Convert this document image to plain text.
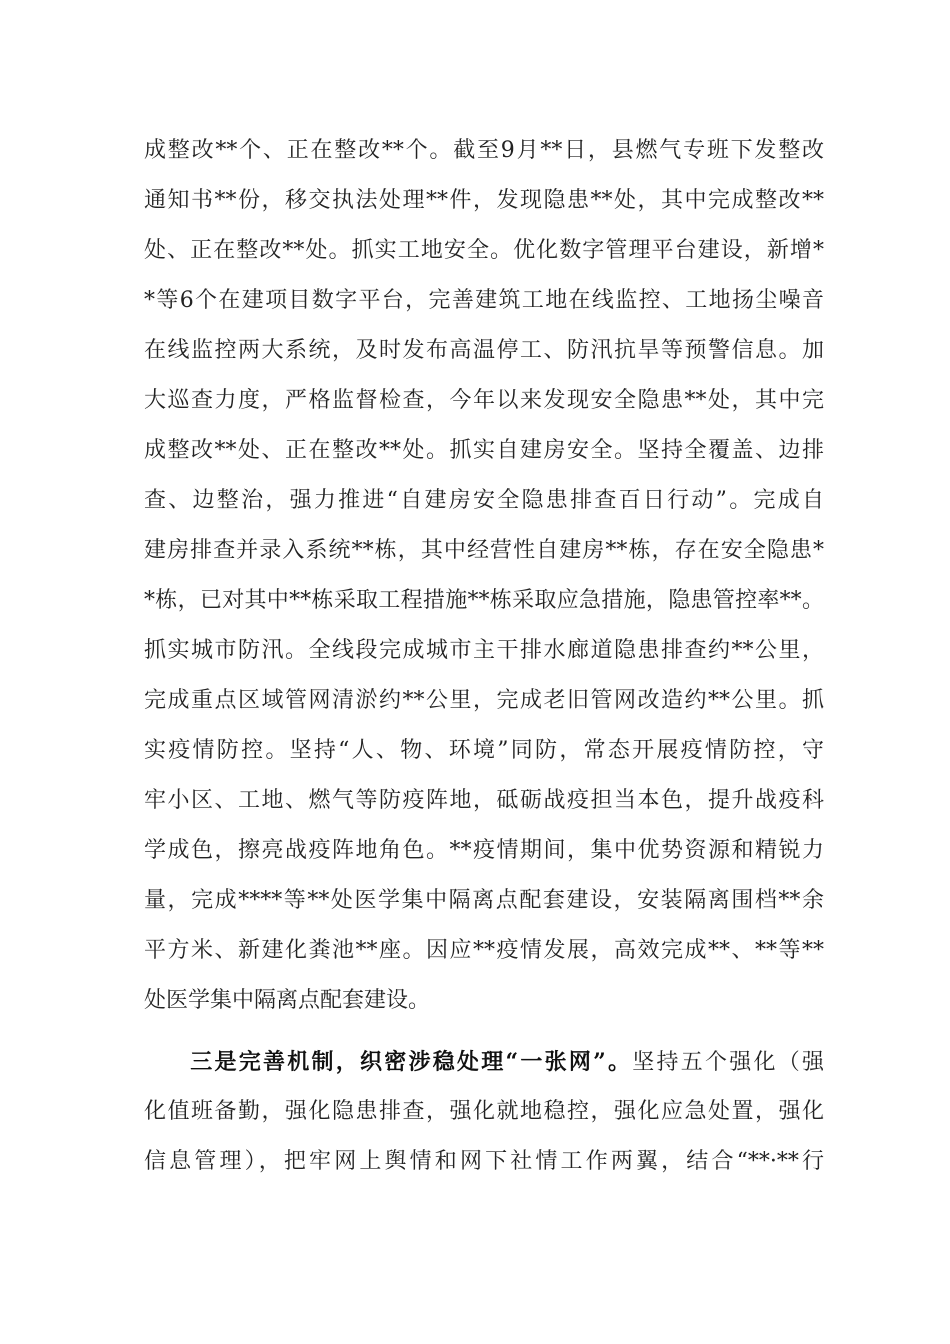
成整改**个、正在整改**个。截至9月**日，县燃气专班下发整改
通知书**份，移交执法处理**件，发现隐患**处，其中完成整改**
处、正在整改**处。抓实工地安全。优化数字管理平台建设，新增*
*等6个在建项目数字平台，完善建筑工地在线监控、工地扬尘噪音
在线监控两大系统，及时发布高温停工、防汛抗旱等预警信息。加
大巡查力度，严格监督检查，今年以来发现安全隐患**处，其中完
成整改**处、正在整改**处。抓实自建房安全。坚持全覆盖、边排
查、边整治，强力推进“自建房安全隐患排查百日行动”。完成自
建房排查并录入系统**栋，其中经营性自建房**栋，存在安全隐患*
*栋，已对其中**栋采取工程措施**栋采取应急措施，隐患管控率**。
抓实城市防汛。全线段完成城市主干排水廊道隐患排查约**公里，
完成重点区域管网清淤约**公里，完成老旧管网改造约**公里。抓
实疫情防控。坚持“人、物、环境”同防，常态开展疫情防控，守
牢小区、工地、燃气等防疫阵地，砥砺战疫担当本色，提升战疫科
学成色，擦亮战疫阵地角色。**疫情期间，集中优势资源和精锐力
量，完成****等**处医学集中隔离点配套建设，安装隔离围档**余
平方米、新建化粪池**座。因应**疫情发展，高效完成**、**等**
处医学集中隔离点配套建设。
三是完善机制，织密涉稳处理“一张网”。坚持五个强化（强
化值班备勤，强化隐患排查，强化就地稳控，强化应急处置，强化
信息管理），把牢网上舆情和网下社情工作两翼，结合“**·**行
